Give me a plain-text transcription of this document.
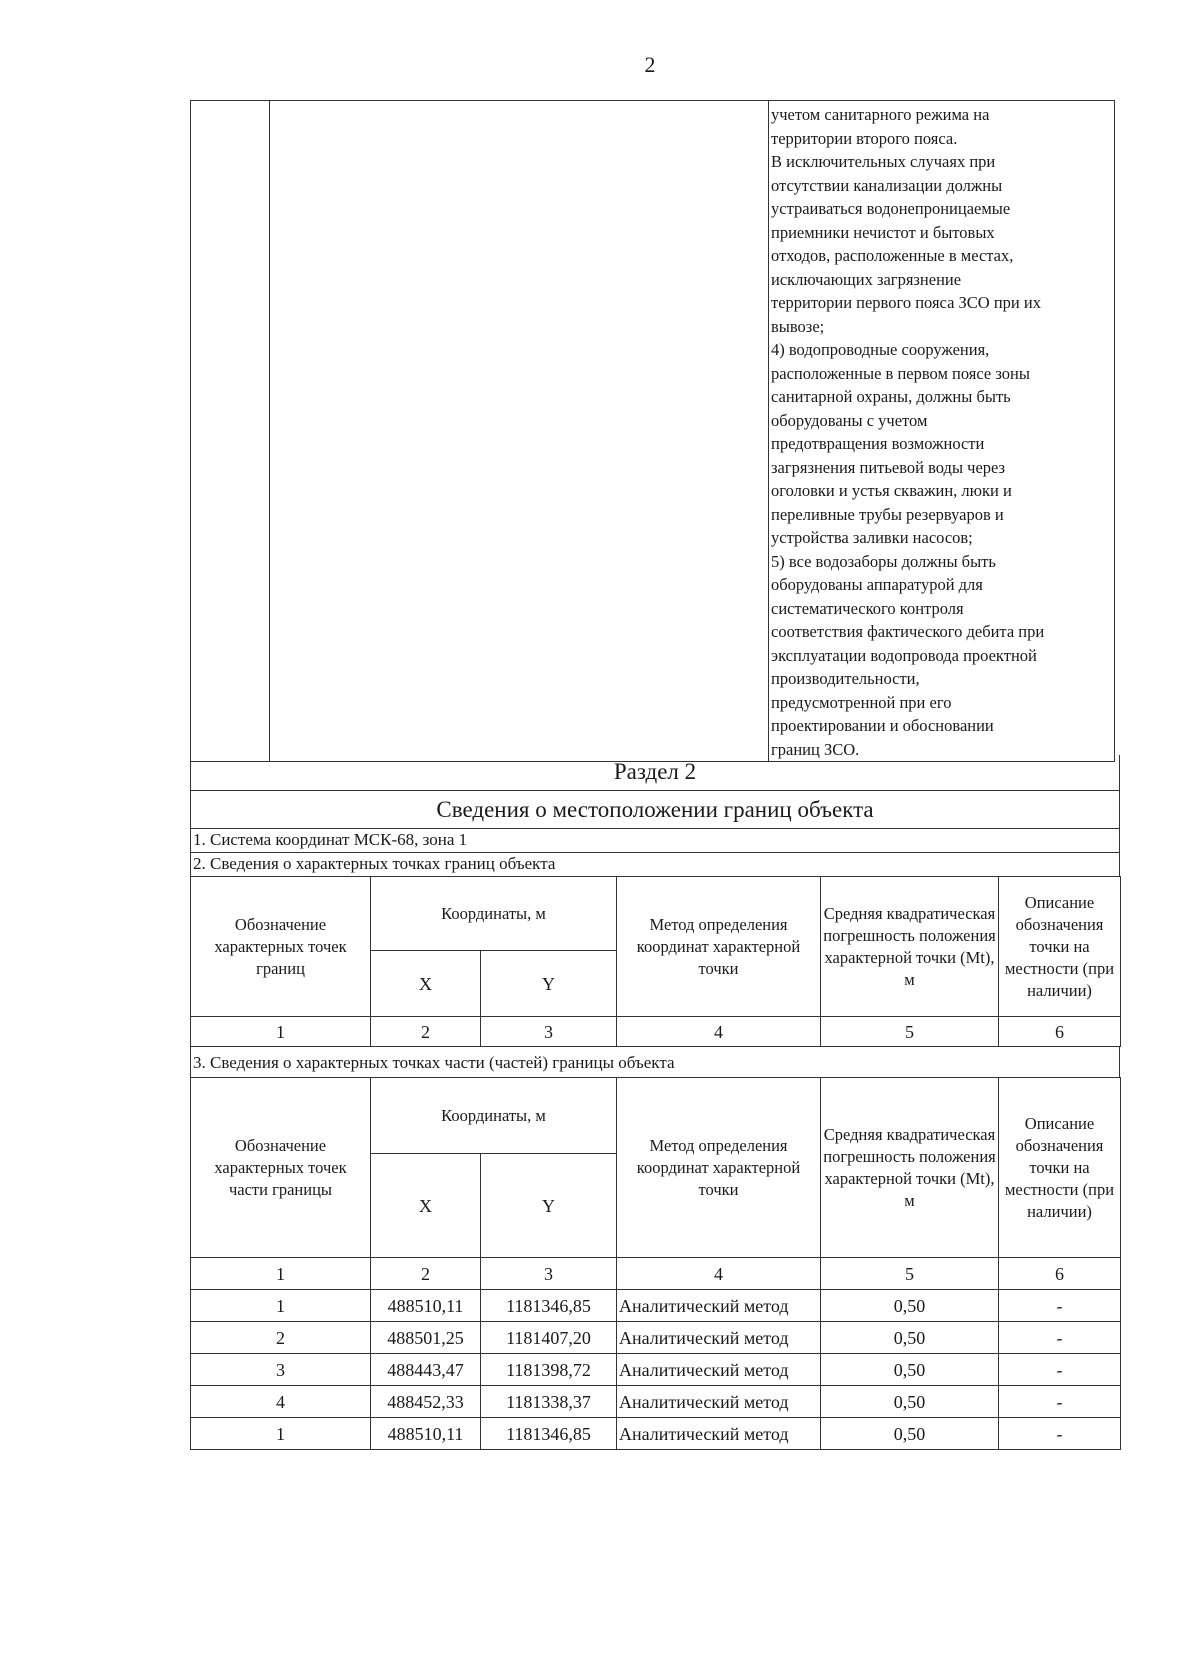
2

учетом санитарного режима на
территории второго пояса.
В исключительных случаях при
отсутствии канализации должны
устраиваться водонепроницаемые
приемники нечистот и бытовых
отходов, расположенные в местах,
исключающих загрязнение
территории первого пояса ЗСО при их
вывозе;
4) водопроводные сооружения,
расположенные в первом поясе зоны
санитарной охраны, должны быть
оборудованы с учетом
предотвращения возможности
загрязнения питьевой воды через
оголовки и устья скважин, люки и
переливные трубы резервуаров и
устройства заливки насосов;
5) все водозаборы должны быть
оборудованы аппаратурой для
систематического контроля
соответствия фактического дебита при
эксплуатации водопровода проектной
производительности,
предусмотренной при его
проектировании и обосновании
границ ЗСО.
Раздел 2
Сведения о местоположении границ объекта
1. Система координат МСК-68, зона 1
2. Сведения о характерных точках границ объекта
Обозначение характерных точек границ	Координаты, м		Метод определения координат характерной точки	Средняя квадратическая погрешность положения характерной точки (Mt), м	Описание обозначения точки на местности (при наличии)
	X	Y			
1	2	3	4	5	6
3. Сведения о характерных точках части (частей) границы объекта
Обозначение характерных точек части границы	Координаты, м		Метод определения координат характерной точки	Средняя квадратическая погрешность положения характерной точки (Mt), м	Описание обозначения точки на местности (при наличии)
	X	Y			
1	2	3	4	5	6
1	488510,11	1181346,85	Аналитический метод	0,50	-
2	488501,25	1181407,20	Аналитический метод	0,50	-
3	488443,47	1181398,72	Аналитический метод	0,50	-
4	488452,33	1181338,37	Аналитический метод	0,50	-
1	488510,11	1181346,85	Аналитический метод	0,50	-
